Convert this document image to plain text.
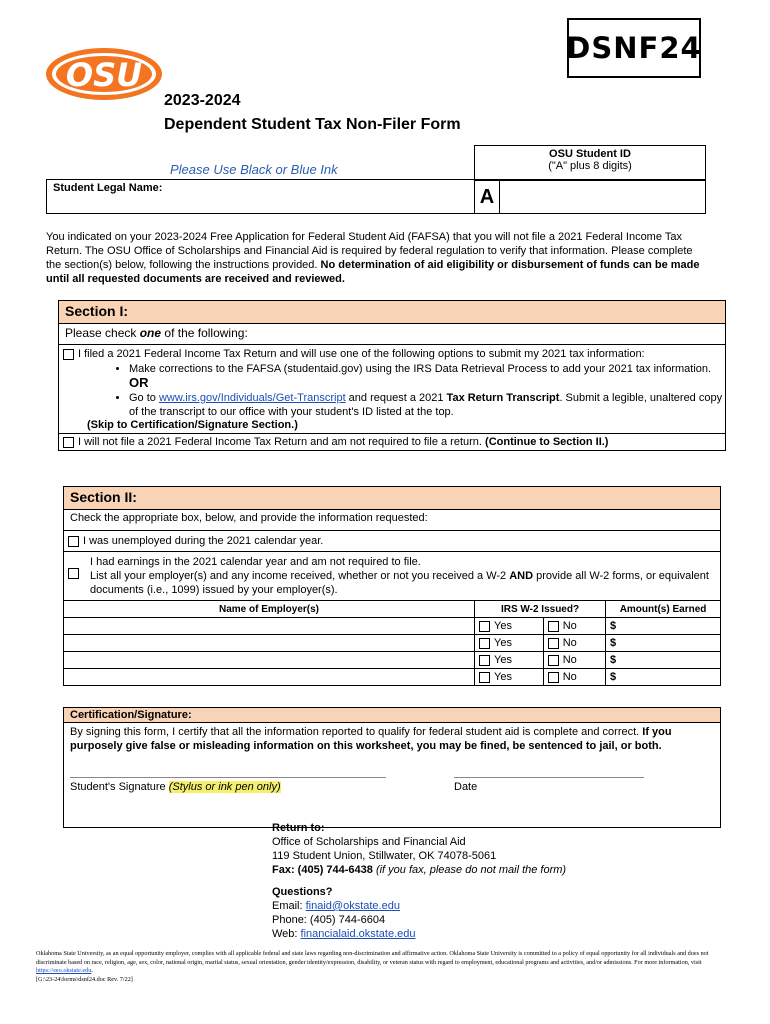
OSU
DSNF24
2023-2024
Dependent Student Tax Non-Filer Form
Please Use Black or Blue Ink
OSU Student ID
("A" plus 8 digits)
Student Legal Name:	A
You indicated on your 2023-2024 Free Application for Federal Student Aid (FAFSA) that you will not file a 2021 Federal Income Tax Return. The OSU Office of Scholarships and Financial Aid is required by federal regulation to verify that information. Please complete the section(s) below, following the instructions provided. No determination of aid eligibility or disbursement of funds can be made until all requested documents are received and reviewed.
Section I:
Please check one of the following:
I filed a 2021 Federal Income Tax Return and will use one of the following options to submit my 2021 tax information:
• Make corrections to the FAFSA (studentaid.gov) using the IRS Data Retrieval Process to add your 2021 tax information. OR
• Go to www.irs.gov/Individuals/Get-Transcript and request a 2021 Tax Return Transcript. Submit a legible, unaltered copy of the transcript to our office with your student's ID listed at the top.
(Skip to Certification/Signature Section.)
I will not file a 2021 Federal Income Tax Return and am not required to file a return. (Continue to Section II.)
Section II:
Check the appropriate box, below, and provide the information requested:
I was unemployed during the 2021 calendar year.
I had earnings in the 2021 calendar year and am not required to file.
List all your employer(s) and any income received, whether or not you received a W-2 AND provide all W-2 forms, or equivalent documents (i.e., 1099) issued by your employer(s).
Name of Employer(s)	IRS W-2 Issued?		Amount(s) Earned
	Yes	No	$
	Yes	No	$
	Yes	No	$
	Yes	No	$
Certification/Signature:
By signing this form, I certify that all the information reported to qualify for federal student aid is complete and correct. If you purposely give false or misleading information on this worksheet, you may be fined, be sentenced to jail, or both.
Student's Signature (Stylus or ink pen only)	Date
Return to:
Office of Scholarships and Financial Aid
119 Student Union, Stillwater, OK 74078-5061
Fax: (405) 744-6438 (if you fax, please do not mail the form)
Questions?
Email: finaid@okstate.edu
Phone: (405) 744-6604
Web: financialaid.okstate.edu
Oklahoma State University, as an equal opportunity employer, complies with all applicable federal and state laws regarding non-discrimination and affirmative action. Oklahoma State University is committed to a policy of equal opportunity for all individuals and does not discriminate based on race, religion, age, sex, color, national origin, marital status, sexual orientation, gender identity/expression, disability, or veteran status with regard to employment, educational programs and activities, and/or admissions. For more information, visit https://eeo.okstate.edu.
[G:\23-24\forms\dsnf24.doc Rev. 7/22]
